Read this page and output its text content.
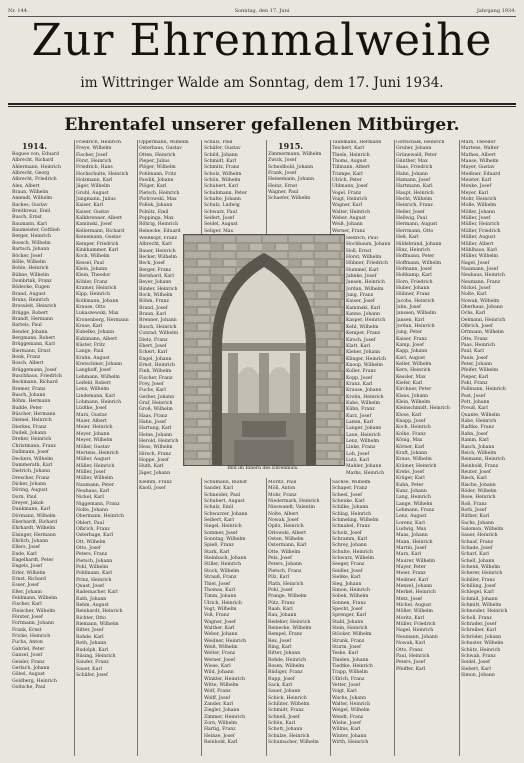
Nr. 144.	Sonntag, den 17. Juni	Jahrgang 1934.
Zur Ehrenmalweihe
im Wittringer Walde am Sonntag, dem 17. Juni 1934.
Ehrentafel unserer gefallenen Mitbürger.
1914.
Rogues von, Eduard
Albrecht, Richard
Ahlermann, Heinrich
Albrecht, Georg
Albrecht, Friedrich
Alex, Albert
Braun, Wilhelm
Amendt, Wilhelm
Backes, Gustav
Breitkreuz, Emil
Busch, Ernst
Baumann, Karl
Baumeister, Gottlieb
Berger, Heinrich
Boesch, Wilhelm
Bartsch, Johann
Böcker, Josef
Bölle, Wilhelm
Bohle, Heinrich
Bühne, Wilhelm
Dombrink, Franz
Bödecke, Eugen
Brand, August
Bruns, Heinrich
Brosuleit, Heinrich
Brügge, Robert
Brandt, Hermann
Bartels, Paul
Bender, Johann
Bergmann, Robert
Brüggemann, Karl
Biermann, Ernst
Bonk, Franz
Bosch, Albert
Brüggemann, Josef
Buschhaus, Friedrich
Beckmann, Richard
Bremer, Franz
Busch, Johann
Böhm, Hermann
Budde, Peter
Büscher, Hermann
Diemel, Heinrich
Dierkes, Franz
Dudek, Johann
Dreher, Heinrich
Christmann, Franz
Dallmann, Josef
Deckers, Wilhelm
Dammerath, Karl
Dietrich, Johann
Drescher, Franz
Dicker, Johann
Döring, August
Dorn, Paul
Dreyer, Jakob
Dunkmann, Karl
Dörmann, Wilhelm
Eberhardt, Richard
Ehrhardt, Wilhelm
Elsinger, Hermann
Ehrlich, Johann
Ellers, Josef
Ende, Karl
Engelhardt, Peter
Engels, Josef
Erler, Wilhelm
Ernst, Richard
Esser, Josef
Eßer, Johann
Feldmann, Wilhelm
Fischer, Karl
Fleischer, Wilhelm
Förster, Josef
Fortmann, Johann
Frank, Ernst
Fricke, Heinrich
Fuchs, Anton
Gabriel, Peter
Gansel, Josef
Geisler, Franz
Gerlach, Johann
Göbel, August
Goldberg, Heinrich
Goltsche, Paul
Friedrich, Heinrich
Freye, Wilhelm
Fischer, Josef
Först, Heinrich
Friedrich, Hans
Hochschulte, Heinrich
Holzmann, Karl
Jäger, Wilhelm
Gruhl, August
Jungmann, Julius
Kaiser, Karl
Kaiser, Gustav
Kalkbrenner, Albert
Kaminski, Josef
Kellermann, Richard
Keinemann, Gustav
Kemper, Friedrich
Kinkhammer, Karl
Koch, Wilhelm
Kessel, Paul
Klein, Johann
Klein, Theodor
Köhler, Franz
Kramer, Heinrich
Kipp, Heinrich
Kolkmann, Johann
Krause, Otto
Lukaszewski, Max
Kronenberg, Hermann
Kruse, Karl
Kubelke, Johann
Kuhlmann, Albert
Küster, Fritz
Lange, Paul
Krahn, August
Kretschmer, Johann
Langhoff, Josef
Lehmann, Wilhelm
Leifeld, Robert
Lenz, Wilhelm
Lindemann, Karl
Lohmann, Heinrich
Lüdtke, Josef
Marx, Gustav
Maier, Albert
Meier, Heinrich
Meyer, Johann
Meyer, Wilhelm
Möller, Gustav
Mertens, Heinrich
Müller, August
Müller, Heinrich
Müller, Josef
Müller, Wilhelm
Naumann, Peter
Neuhaus, Karl
Nickel, Karl
Niggemann, Franz
Nolte, Johann
Obermann, Heinrich
Ohlert, Paul
Olbrich, Franz
Osterhage, Karl
Ott, Wilhelm
Otto, Josef
Peters, Franz
Pietsch, Johann
Pohl, Wilhelm
Pohlmann, Karl
Prinz, Heinrich
Quast, Josef
Rademacher, Karl
Rath, Johann
Rehm, August
Reinhardt, Heinrich
Richter, Otto
Riemann, Wilhelm
Ritter, Josef
Rohde, Karl
Roth, Johann
Rudolph, Karl
Rüsing, Heinrich
Sander, Franz
Sauer, Karl
Schäfer, Josef
Oppermann, Wilhelm
Osterhaus, Gustav
Otten, Heinrich
Pieper, Julius
Plöger, Wilhelm
Pohlmann, Fritz
Pawlik, Johann
Plöger, Karl
Pietsch, Heinrich
Piotrowski, Max
Pollok, Johann
Polnitz, Emil
Poppinga, Max
Röhrig, Heinrich
Reinecke, Eduard
Schulz, Paul
Schäfer, Gustav
Schild, Johann
Schmidt, Karl
Schmitz, Franz
Scholz, Wilhelm
Schön, Wilhelm
Schubert, Karl
Schuhmann, Peter
Schulte, Johann
Schulz, Ludwig
Schwarz, Paul
Seifert, Josef
Seidel, August
Seliger, Max
1915.
Zimmermann, Wilhelm
Zwick, Josef
Scheidhold, Johann
Frank, Josef
Heinemann, Johann
Heinz, Ernst
Wagner, Paul
Schaefer, Wilhelm
Taubmann, Hermann
Teichert, Karl
Thiele, Heinrich
Thoms, August
Tillmann, Albert
Trampe, Karl
Ulrich, Peter
Uhlmann, Josef
Vogel, Franz
Voigt, Heinrich
Wagner, Karl
Walter, Heinrich
Weber, August
Weiß, Johann
Werner, Franz
Gottschalk, Heinrich
Gruber, Johann
Grünewald, Peter
Günther, Max
Haas, Friedrich
Hahn, Johann
Hamann, Josef
Hartmann, Karl
Haupt, Heinrich
Hecht, Wilhelm
Heinrich, Franz
Heller, Josef
Hellwig, Paul
Hermann, August
Herrmann, Otto
Heß, Karl
Hildebrand, Johann
Hinz, Heinrich
Hoffmann, Peter
Hoffmann, Wilhelm
Hofmann, Josef
Holtkamp, Karl
Horn, Friedrich
Huber, Johann
Hübner, Franz
Jacobs, Heinrich
Jahn, Josef
Janssen, Wilhelm
Jansen, Karl
Jordan, Heinrich
Jung, Peter
Kaiser, Franz
Kamp, Josef
Kapp, Johann
Karl, August
Keller, Wilhelm
Kern, Heinrich
Kessler, Max
Kiefer, Karl
Kirchner, Peter
Klaus, Johann
Klein, Wilhelm
Kleinschmidt, Heinrich
Klose, Karl
Knapp, Josef
Koch, Heinrich
Kolbe, Franz
König, Max
Körner, Karl
Kraft, Johann
Kraus, Wilhelm
Krämer, Heinrich
Krebs, Josef
Krüger, Karl
Kuhn, Peter
Kunz, Johann
Lang, Heinrich
Lange, Wilhelm
Lehmann, Franz
Lenz, August
Lorenz, Karl
Ludwig, Max
Maas, Johann
Mann, Heinrich
Martin, Josef
Marx, Karl
Maurer, Wilhelm
Mayer, Peter
Meier, Franz
Meißner, Karl
Menzel, Johann
Merkel, Heinrich
Metz, Josef
Michel, August
Möller, Wilhelm
Moritz, Karl
Müller, Friedrich
Nagel, Heinrich
Neumann, Johann
Nowak, Karl
Otto, Franz
Paul, Heinrich
Peters, Josef
Pfeiffer, Karl
Marx, Theodor
Martens, Walter
Mathes, Albert
Mause, Wilhelm
Mayer, Gustav
Meißner, Eduard
Meister, Karl
Menke, Josef
Meyer, Karl
Mohr, Heinrich
Molle, Wilhelm
Möller, Johann
Müller, Josef
Müller, Heinrich
Müller, Friedrich
Müller, August
Müller, Albert
Mühlhaus, Karl
Müller, Wilhelm
Nagel, Josef
Naumann, Josef
Neuhaus, Heinrich
Neumann, Franz
Nickel, Josef
Nolte, Karl
Nowak, Wilhelm
Oberhaus, Johann
Ochs, Karl
Oelmann, Heinrich
Olbrich, Josef
Ortmann, Wilhelm
Otte, Franz
Paas, Heinrich
Paul, Karl
Pauls, Josef
Peter, Johann
Pfeifer, Wilhelm
Pieper, Karl
Pohl, Franz
Pollmann, Heinrich
Post, Josef
Pott, Johann
Preuß, Karl
Quante, Wilhelm
Rabe, Heinrich
Radtke, Franz
Rahn, Josef
Ramm, Karl
Rasch, Johann
Reich, Wilhelm
Reimann, Heinrich
Reinhold, Franz
Reuter, Josef
Rieck, Karl
Rische, Johann
Röder, Wilhelm
Rose, Heinrich
Roß, Franz
Roth, Josef
Rüther, Karl
Sachs, Johann
Salomon, Wilhelm
Sauer, Heinrich
Schaaf, Franz
Schade, Josef
Scharf, Karl
Schell, Johann
Schenk, Wilhelm
Scherer, Heinrich
Schiller, Franz
Schilling, Josef
Schlegel, Karl
Schmid, Johann
Schmitt, Wilhelm
Schneider, Heinrich
Scholl, Franz
Schrader, Josef
Schreiber, Karl
Schröder, Johann
Schuster, Wilhelm
Schütz, Heinrich
Schwab, Franz
Seidel, Josef
Siebert, Karl
Simon, Johann
Weißkopf, Franz
Albrecht, Karl
Bauer, Heinrich
Becker, Wilhelm
Beck, Josef
Berger, Franz
Bernhard, Karl
Beyer, Johann
Binder, Heinrich
Bock, Wilhelm
Böhm, Franz
Brand, Josef
Braun, Karl
Brenner, Johann
Busch, Heinrich
Conrad, Wilhelm
Dietz, Franz
Ebert, Josef
Eckert, Karl
Engel, Johann
Ernst, Heinrich
Fink, Wilhelm
Fischer, Franz
Frey, Josef
Fuchs, Karl
Gerber, Johann
Graf, Heinrich
Groß, Wilhelm
Haas, Franz
Hahn, Josef
Hartung, Karl
Heine, Johann
Herold, Heinrich
Hess, Wilhelm
Hirsch, Franz
Hoppe, Josef
Huth, Karl
Jäger, Johann
Hedrich, Paul
Hochbaum, Johann
Holl, Ernst
Horst, Wilhelm
Hübner, Friedrich
Hummel, Karl
Jahnke, Josef
Jansen, Heinrich
Jordan, Wilhelm
Jung, Franz
Kaiser, Josef
Kaminski, Karl
Kanne, Johann
Kasper, Heinrich
Kehl, Wilhelm
Kemper, Franz
Kirsch, Josef
Klatt, Karl
Kleber, Johann
Klinger, Heinrich
Knoop, Wilhelm
Koller, Franz
Kopp, Josef
Kranz, Karl
Krause, Johann
Krohn, Heinrich
Kube, Wilhelm
Kühn, Franz
Kurz, Josef
Lamm, Karl
Langer, Johann
Laue, Heinrich
Lenz, Wilhelm
Linke, Franz
Loh, Josef
Lutz, Karl
Mahler, Johann
Marks, Heinrich
Schumann, Rudolf
Sander, Karl
Schneider, Paul
Schubert, August
Schulz, Emil
Schwarzer, Johann
Seibert, Karl
Siegel, Heinrich
Sommer, Josef
Sonntag, Wilhelm
Spieß, Franz
Stark, Karl
Steinbach, Johann
Stiller, Heinrich
Stock, Wilhelm
Strauß, Franz
Thiel, Josef
Thomas, Karl
Timm, Johann
Ulrich, Heinrich
Vogt, Wilhelm
Voß, Franz
Wagner, Josef
Walther, Karl
Weber, Johann
Weidner, Heinrich
Weiß, Wilhelm
Welter, Franz
Werner, Josef
Wiese, Karl
Wild, Johann
Winkler, Heinrich
Witte, Wilhelm
Wolf, Franz
Wolff, Josef
Zander, Karl
Ziegler, Johann
Zimmer, Heinrich
Zorn, Wilhelm
Hartig, Franz
Heinze, Josef
Reinhold, Karl
Moritz, Paul
Möll, Anton
Mohr, Franz
Niedermark, Heinrich
Nieswandt, Valentin
Nolte, Albert
Nowak, Josef
Opitz, Heinrich
Orlowski, Albert
Osten, Wilhelm
Ostermann, Karl
Otte, Wilhelm
Pelz, Josef
Peters, Johann
Pietsch, Franz
Pilz, Karl
Plath, Heinrich
Pohl, Josef
Prange, Wilhelm
Pütz, Franz
Raab, Karl
Rau, Johann
Redeker, Heinrich
Reinecke, Wilhelm
Rempel, Franz
Rex, Josef
Ring, Karl
Ritter, Johann
Rohde, Heinrich
Rosen, Wilhelm
Rüdiger, Franz
Rupp, Josef
Sack, Karl
Sauer, Johann
Schick, Heinrich
Schlüter, Wilhelm
Schmidt, Franz
Schnell, Josef
Schön, Karl
Schott, Johann
Schulze, Heinrich
Schumacher, Wilhelm
Sachse, Wilhelm
Schaper, Franz
Scheel, Josef
Schenke, Karl
Schilke, Johann
Schlag, Heinrich
Schmeling, Wilhelm
Schnabel, Franz
Scholz, Josef
Schramm, Karl
Schrey, Johann
Schulte, Heinrich
Schwarz, Wilhelm
Seeger, Franz
Seidler, Josef
Siebke, Karl
Sieg, Johann
Simon, Heinrich
Sobek, Wilhelm
Sonnen, Franz
Specht, Josef
Sprenger, Karl
Stahl, Johann
Stein, Heinrich
Stöcker, Wilhelm
Strunk, Franz
Sturm, Josef
Teske, Karl
Thielen, Johann
Tiedtke, Heinrich
Trapp, Wilhelm
Ullrich, Franz
Vetter, Josef
Voigt, Karl
Wachs, Johann
Walter, Heinrich
Weigel, Wilhelm
Wendt, Franz
Wiebe, Josef
Willms, Karl
Winter, Johann
Wirth, Heinrich
Klemm, Franz
Knoll, Josef
Bild im Innern des Ehrenmals.
